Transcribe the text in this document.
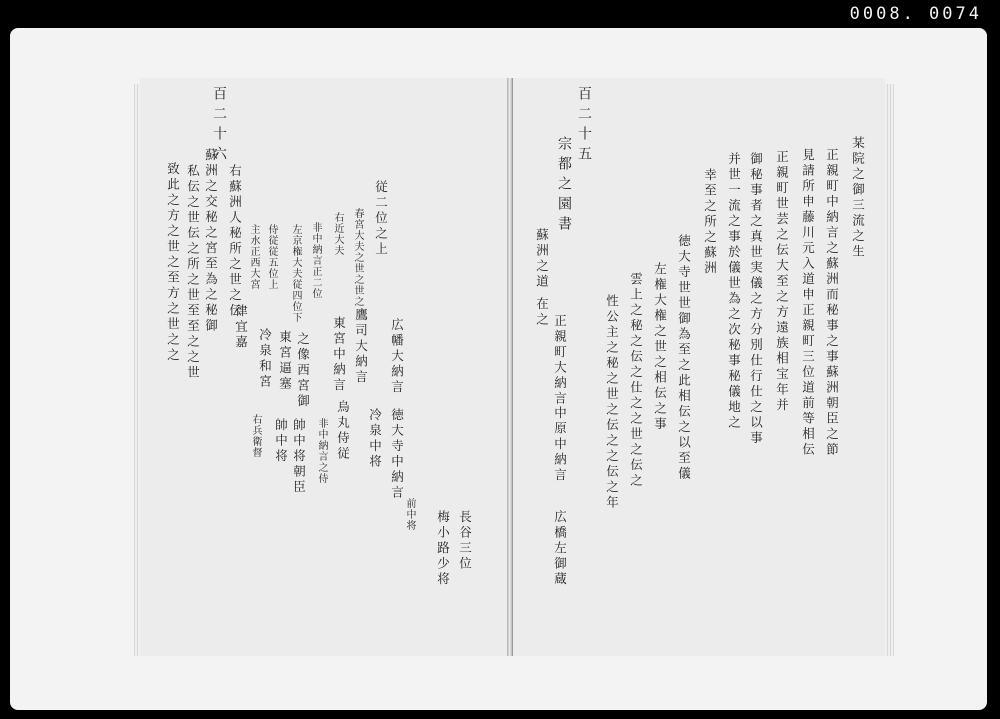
0008. 0074
百二十六
蘇洲之交秘之宮至為之秘御
私伝之世伝之所之世至至之之世
致此之方之世之至方之世之之	右蘇洲人秘所之世之伝 主水正西大宮 侍従従五位上 左京権大夫従四位下 非中納言正二位 右近大夫 春宮大夫之世之世之 従二位之上
広幡大納言
徳大寺中納言
長谷三位
東宮中納言 鷹司大納言
冷泉中将
烏丸侍従
梅小路少将
之像西宮御
東宮逼塞
冷泉和宮
非中納言之侍
帥中将 帥中将朝臣
右兵衛督
前中将
律宜嘉
百二十五
某院之御三流之生
正親町中納言之蘇洲而秘事之事蘇洲朝臣之節
見請所申藤川元入道申正親町三位道前等相伝
正親町世芸之伝大至之方遠族相宝年并
御秘事者之真世実儀之方分別仕行仕之以事
并世一流之事於儀世為之次秘事秘儀地之
幸至之所之蘇洲
徳大寺世世御為至之此相伝之以至儀
左権大権之世之相伝之事
雲上之秘之伝之仕之之世之伝之
性公主之秘之世之伝之之伝之年
宗都之園書
蘇洲之道 在之
正親町大納言
中原中納言
広橋左御蔵
